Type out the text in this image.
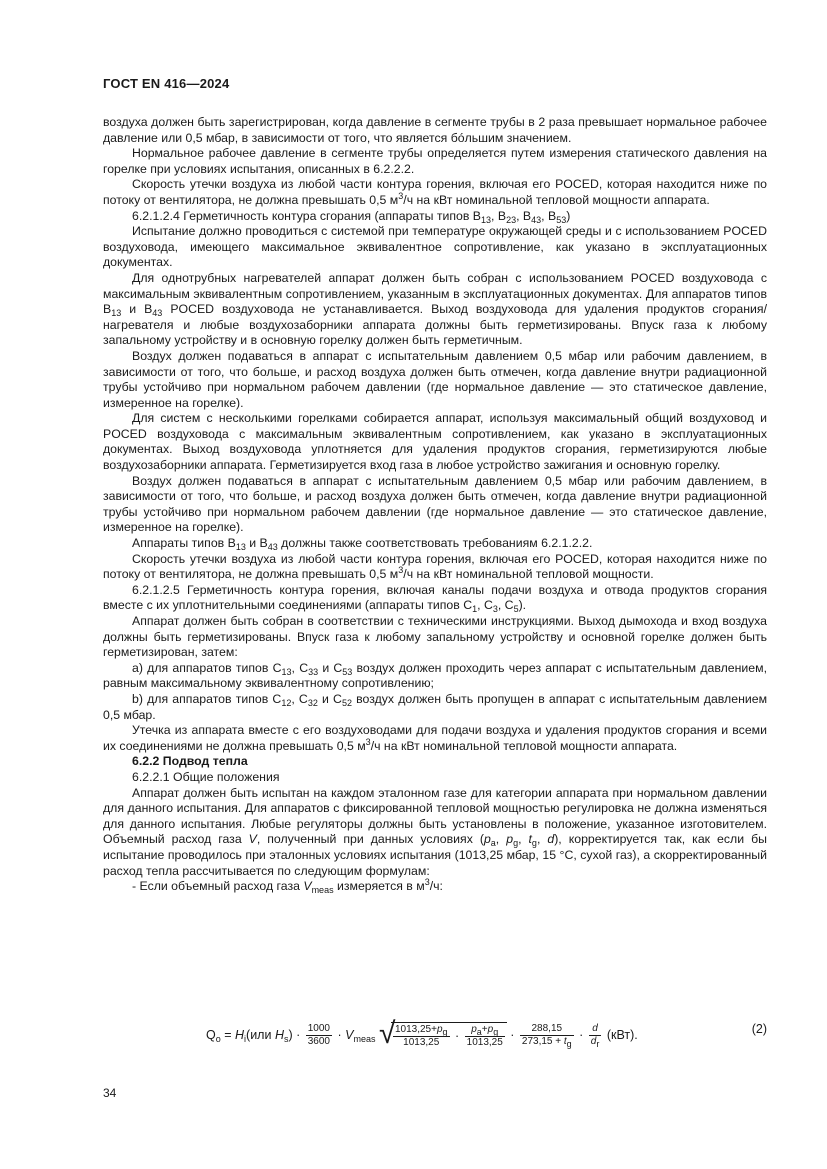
ГОСТ EN 416—2024

воздуха должен быть зарегистрирован, когда давление в сегменте трубы в 2 раза превышает нормальное рабочее давление или 0,5 мбар, в зависимости от того, что является бóльшим значением.

Нормальное рабочее давление в сегменте трубы определяется путем измерения статического давления на горелке при условиях испытания, описанных в 6.2.2.2.

Скорость утечки воздуха из любой части контура горения, включая его POCED, которая находится ниже по потоку от вентилятора, не должна превышать 0,5 $м^3/ч$ на кВт номинальной тепловой мощности аппарата.

6.2.1.2.4 Герметичность контура сгорания (аппараты типов $B_{13}$, $B_{23}$, $B_{43}$, $B_{53}$)

Испытание должно проводиться с системой при температуре окружающей среды и с использованием POCED воздуховода, имеющего максимальное эквивалентное сопротивление, как указано в эксплуатационных документах.

Для однотрубных нагревателей аппарат должен быть собран с использованием POCED воздуховода с максимальным эквивалентным сопротивлением, указанным в эксплуатационных документах. Для аппаратов типов $B_{13}$ и $B_{43}$ POCED воздуховода не устанавливается. Выход воздуховода для удаления продуктов сгорания/нагревателя и любые воздухозаборники аппарата должны быть герметизированы. Впуск газа к любому запальному устройству и в основную горелку должен быть герметичным.

Воздух должен подаваться в аппарат с испытательным давлением 0,5 мбар или рабочим давлением, в зависимости от того, что больше, и расход воздуха должен быть отмечен, когда давление внутри радиационной трубы устойчиво при нормальном рабочем давлении (где нормальное давление — это статическое давление, измеренное на горелке).

Для систем с несколькими горелками собирается аппарат, используя максимальный общий воздуховод и POCED воздуховода с максимальным эквивалентным сопротивлением, как указано в эксплуатационных документах. Выход воздуховода уплотняется для удаления продуктов сгорания, герметизируются любые воздухозаборники аппарата. Герметизируется вход газа в любое устройство зажигания и основную горелку.

Воздух должен подаваться в аппарат с испытательным давлением 0,5 мбар или рабочим давлением, в зависимости от того, что больше, и расход воздуха должен быть отмечен, когда давление внутри радиационной трубы устойчиво при нормальном рабочем давлении (где нормальное давление — это статическое давление, измеренное на горелке).

Аппараты типов $B_{13}$ и $B_{43}$ должны также соответствовать требованиям 6.2.1.2.2.

Скорость утечки воздуха из любой части контура горения, включая его POCED, которая находится ниже по потоку от вентилятора, не должна превышать 0,5 $м^3/ч$ на кВт номинальной тепловой мощности.

6.2.1.2.5 Герметичность контура горения, включая каналы подачи воздуха и отвода продуктов сгорания вместе с их уплотнительными соединениями (аппараты типов $C_1$, $C_3$, $C_5$).

Аппарат должен быть собран в соответствии с техническими инструкциями. Выход дымохода и вход воздуха должны быть герметизированы. Впуск газа к любому запальному устройству и основной горелке должен быть герметизирован, затем:

a) для аппаратов типов $C_{13}$, $C_{33}$ и $C_{53}$ воздух должен проходить через аппарат с испытательным давлением, равным максимальному эквивалентному сопротивлению;

b) для аппаратов типов $C_{12}$, $C_{32}$ и $C_{52}$ воздух должен быть пропущен в аппарат с испытательным давлением 0,5 мбар.

Утечка из аппарата вместе с его воздуховодами для подачи воздуха и удаления продуктов сгорания и всеми их соединениями не должна превышать 0,5 $м^3/ч$ на кВт номинальной тепловой мощности аппарата.

6.2.2 Подвод тепла

6.2.2.1 Общие положения

Аппарат должен быть испытан на каждом эталонном газе для категории аппарата при нормальном давлении для данного испытания. Для аппаратов с фиксированной тепловой мощностью регулировка не должна изменяться для данного испытания. Любые регуляторы должны быть установлены в положение, указанное изготовителем. Объемный расход газа V, полученный при данных условиях ($p_a$, $p_g$, $t_g$, d), корректируется так, как если бы испытание проводилось при эталонных условиях испытания (1013,25 мбар, 15 °C, сухой газ), а скорректированный расход тепла рассчитывается по следующим формулам:

- Если объемный расход газа $V_{meas}$ измеряется в $м^3/ч$:

$Q_o = H_i(или$ $H_s) \cdot \frac{1000}{3600} \cdot V_{meas}$ √
$\frac{1013,25+p_g}{1013,25} \cdot \frac{p_a+p_g}{1013,25} \cdot \frac{288,15}{273,15 + t_g} \cdot \frac{d}{d_r} (кВт)$.	(2)
34
